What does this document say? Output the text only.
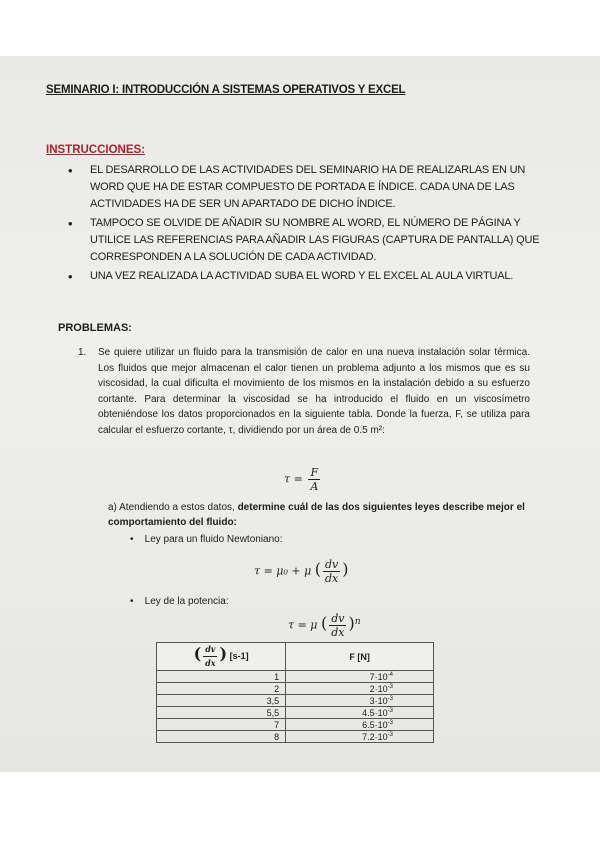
SEMINARIO I: INTRODUCCIÓN A SISTEMAS OPERATIVOS Y EXCEL
INSTRUCCIONES:
• EL DESARROLLO DE LAS ACTIVIDADES DEL SEMINARIO HA DE REALIZARLAS EN UN WORD QUE HA DE ESTAR COMPUESTO DE PORTADA E ÍNDICE. CADA UNA DE LAS ACTIVIDADES HA DE SER UN APARTADO DE DICHO ÍNDICE.
• TAMPOCO SE OLVIDE DE AÑADIR SU NOMBRE AL WORD, EL NÚMERO DE PÁGINA Y UTILICE LAS REFERENCIAS PARA AÑADIR LAS FIGURAS (CAPTURA DE PANTALLA) QUE CORRESPONDEN A LA SOLUCIÓN DE CADA ACTIVIDAD.
• UNA VEZ REALIZADA LA ACTIVIDAD SUBA EL WORD Y EL EXCEL AL AULA VIRTUAL.
PROBLEMAS:
1. Se quiere utilizar un fluido para la transmisión de calor en una nueva instalación solar térmica. Los fluidos que mejor almacenan el calor tienen un problema adjunto a los mismos que es su viscosidad, la cual dificulta el movimiento de los mismos en la instalación debido a su esfuerzo cortante. Para determinar la viscosidad se ha introducido el fluido en un viscosímetro obteniéndose los datos proporcionados en la siguiente tabla. Donde la fuerza, F, se utiliza para calcular el esfuerzo cortante, τ, dividiendo por un área de 0.5 m²:
$\tau = \frac{F}{A}$
a) Atendiendo a estos datos, determine cuál de las dos siguientes leyes describe mejor el comportamiento del fluido:
• Ley para un fluido Newtoniano:
τ = μ₀ + μ ( $\frac{dv}{dx}$ )
• Ley de la potencia:
τ = μ ( $\frac{dv}{dx} )^n$
( $\frac{dv}{dx}$ ) [s-1]	F [N]
1	$7\cdot 10^{-4}$
2	$2\cdot 10^{-3}$
3,5	$3\cdot 10^{-3}$
5,5	$4.5\cdot 10^{-3}$
7	$6.5\cdot 10^{-3}$
8	$7.2\cdot 10^{-3}$
